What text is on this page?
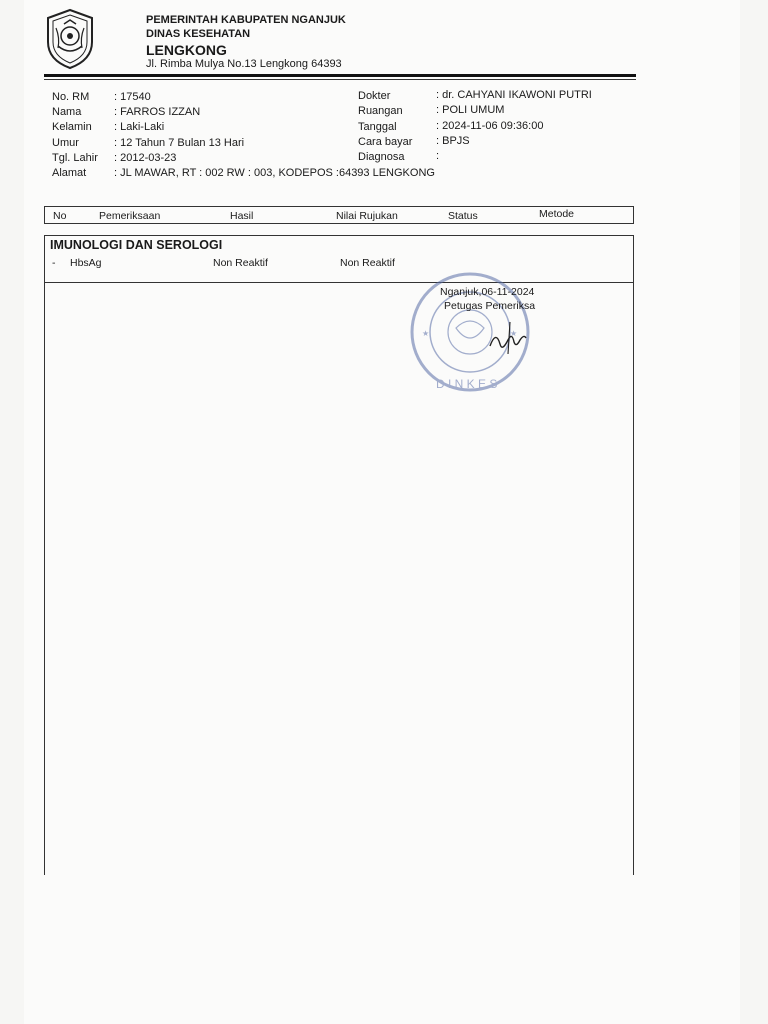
PEMERINTAH KABUPATEN NGANJUK
DINAS KESEHATAN
LENGKONG
Jl. Rimba Mulya No.13 Lengkong 64393
No. RM : 17540
Nama	: FARROS IZZAN
Kelamin : Laki-Laki
Umur	: 12 Tahun 7 Bulan 13 Hari
Tgl. Lahir : 2012-03-23
Alamat	: JL MAWAR, RT : 002 RW : 003, KODEPOS :64393 LENGKONG
Dokter	: dr. CAHYANI IKAWONI PUTRI
Ruangan	: POLI UMUM
Tanggal	: 2024-11-06 09:36:00
Cara bayar : BPJS
Diagnosa	:
No	Pemeriksaan	Hasil	Nilai Rujukan	Status	Metode
IMUNOLOGI DAN SEROLOGI
- HbsAg	Non Reaktif	Non Reaktif
★	★
D I N K E S
Nganjuk,06-11-2024
Petugas Pemeriksa
